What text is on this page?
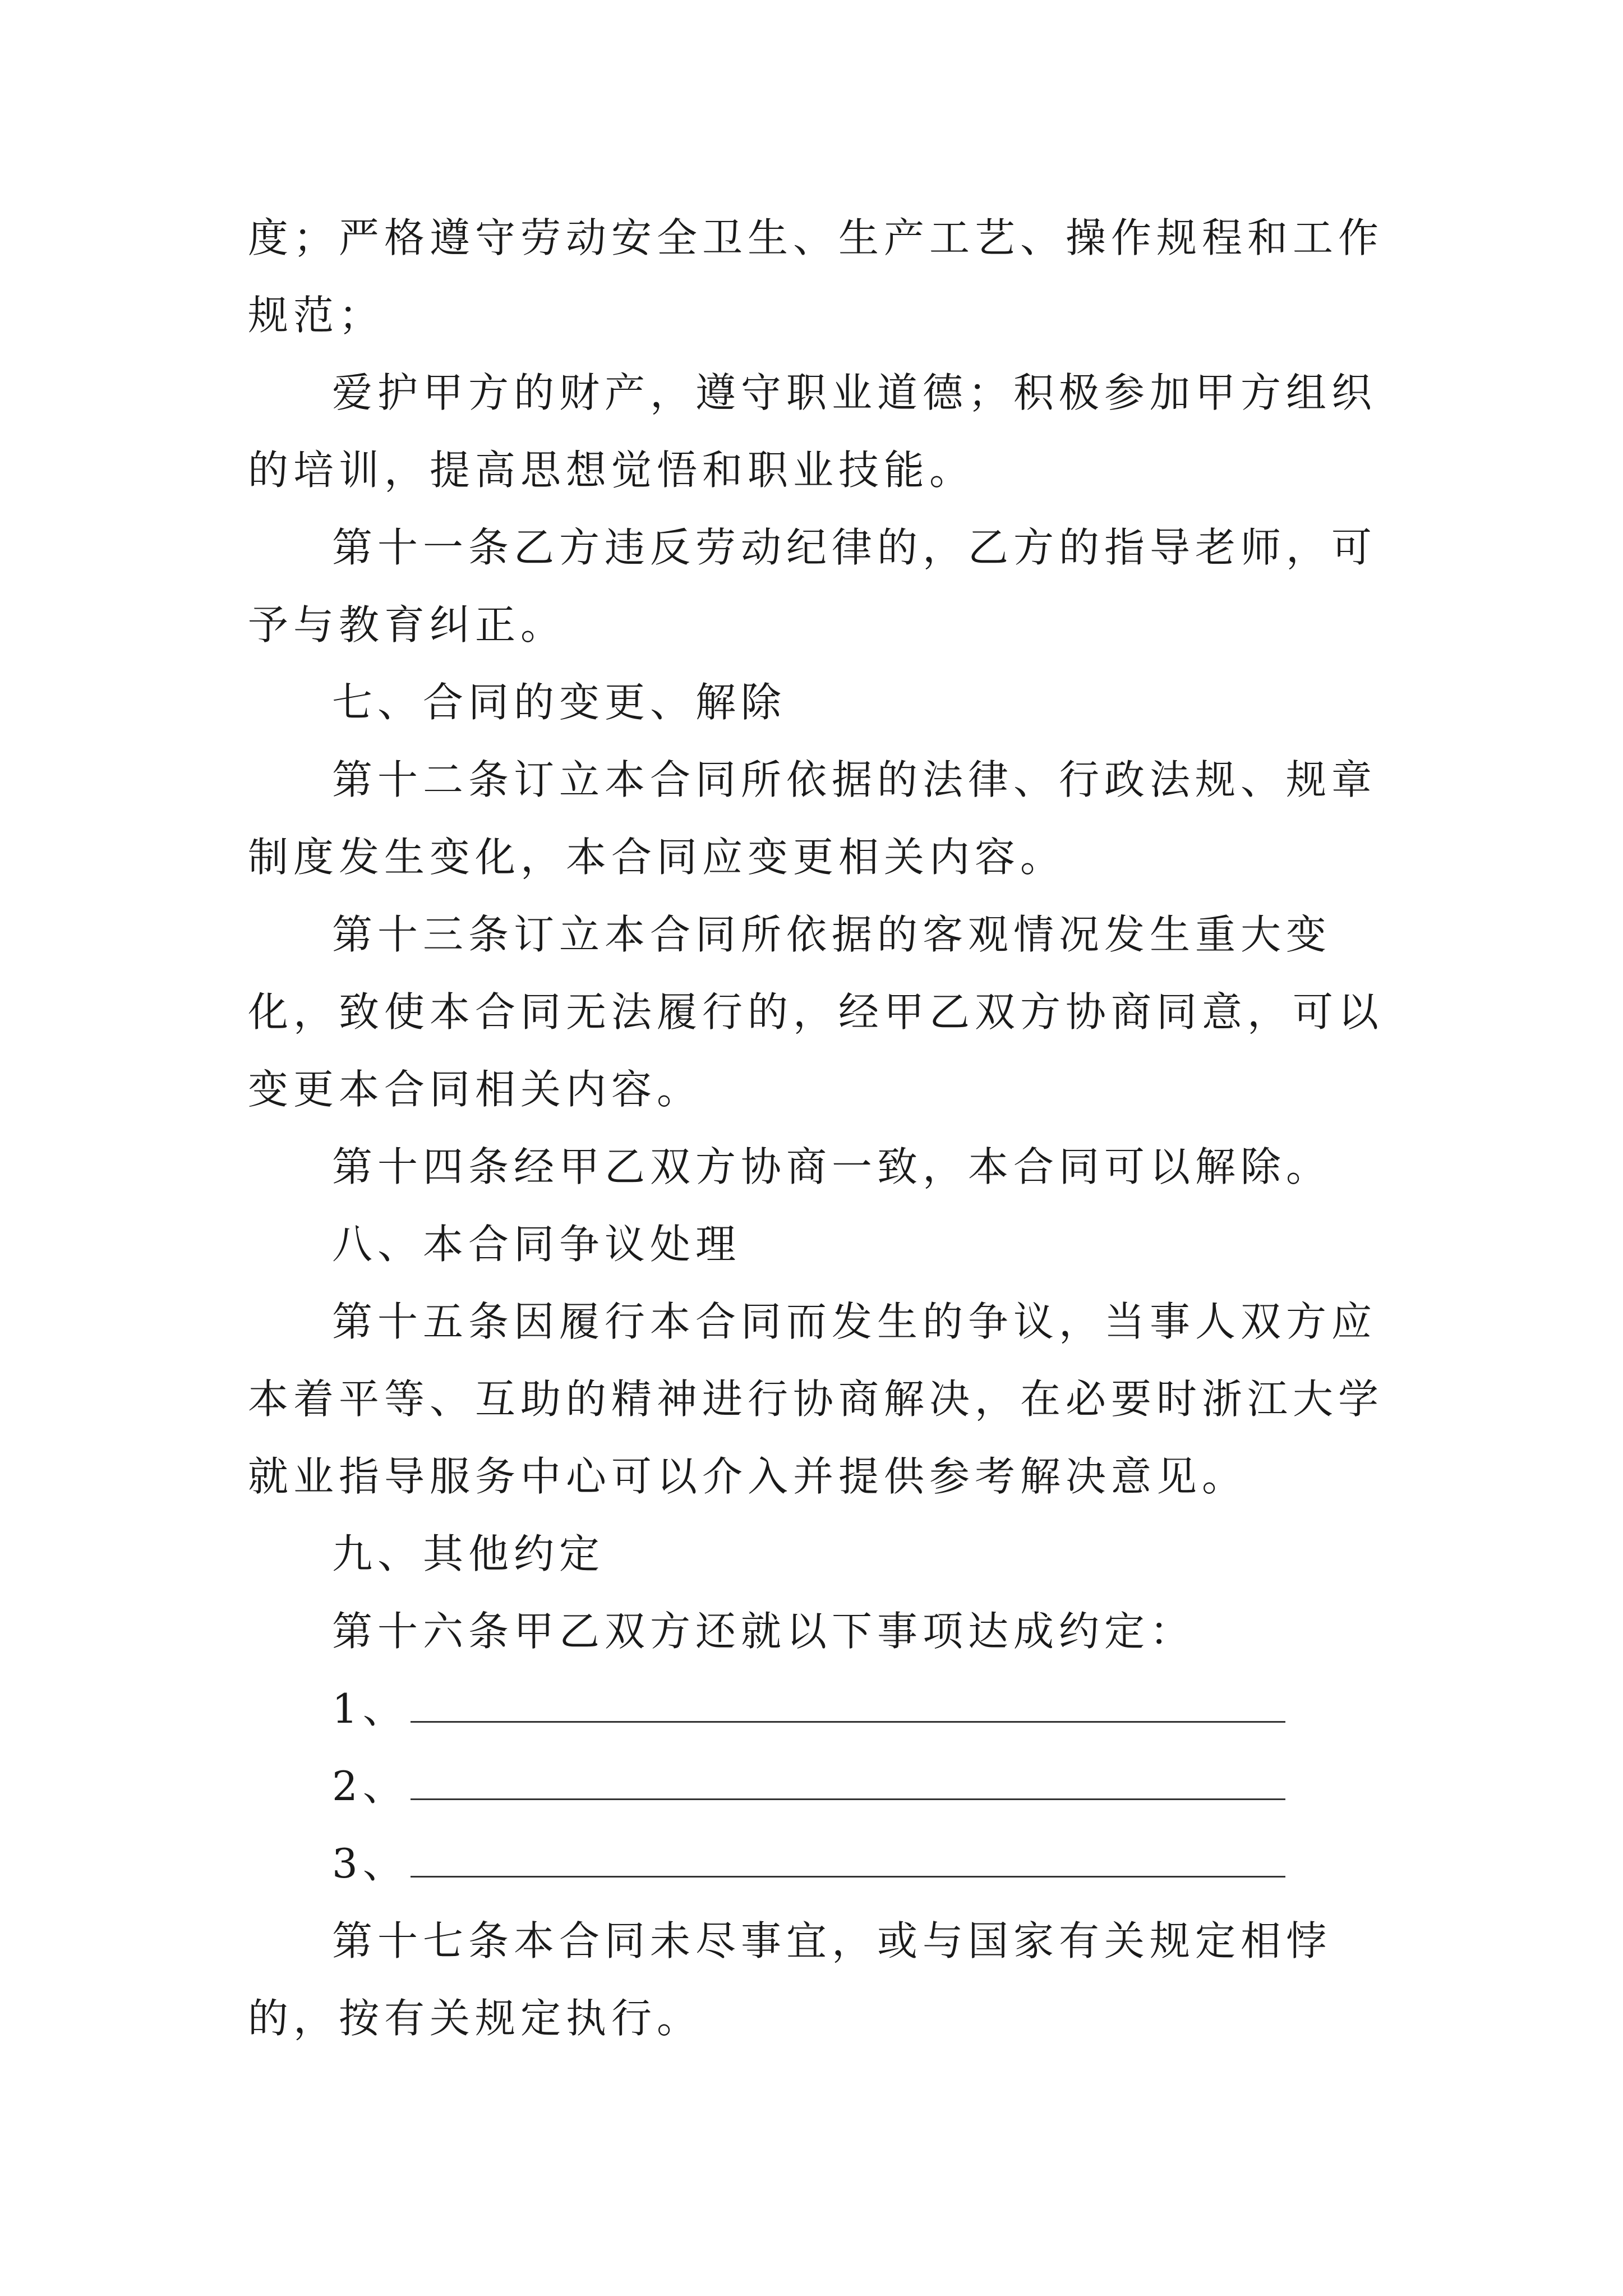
度；严格遵守劳动安全卫生、生产工艺、操作规程和工作规范；

爱护甲方的财产，遵守职业道德；积极参加甲方组织的培训，提高思想觉悟和职业技能。

第十一条乙方违反劳动纪律的，乙方的指导老师，可予与教育纠正。

七、合同的变更、解除

第十二条订立本合同所依据的法律、行政法规、规章制度发生变化，本合同应变更相关内容。

第十三条订立本合同所依据的客观情况发生重大变化，致使本合同无法履行的，经甲乙双方协商同意，可以变更本合同相关内容。

第十四条经甲乙双方协商一致，本合同可以解除。

八、本合同争议处理

第十五条因履行本合同而发生的争议，当事人双方应本着平等、互助的精神进行协商解决，在必要时浙江大学就业指导服务中心可以介入并提供参考解决意见。

九、其他约定

第十六条甲乙双方还就以下事项达成约定：

1、
2、
3、

第十七条本合同未尽事宜，或与国家有关规定相悖的，按有关规定执行。
